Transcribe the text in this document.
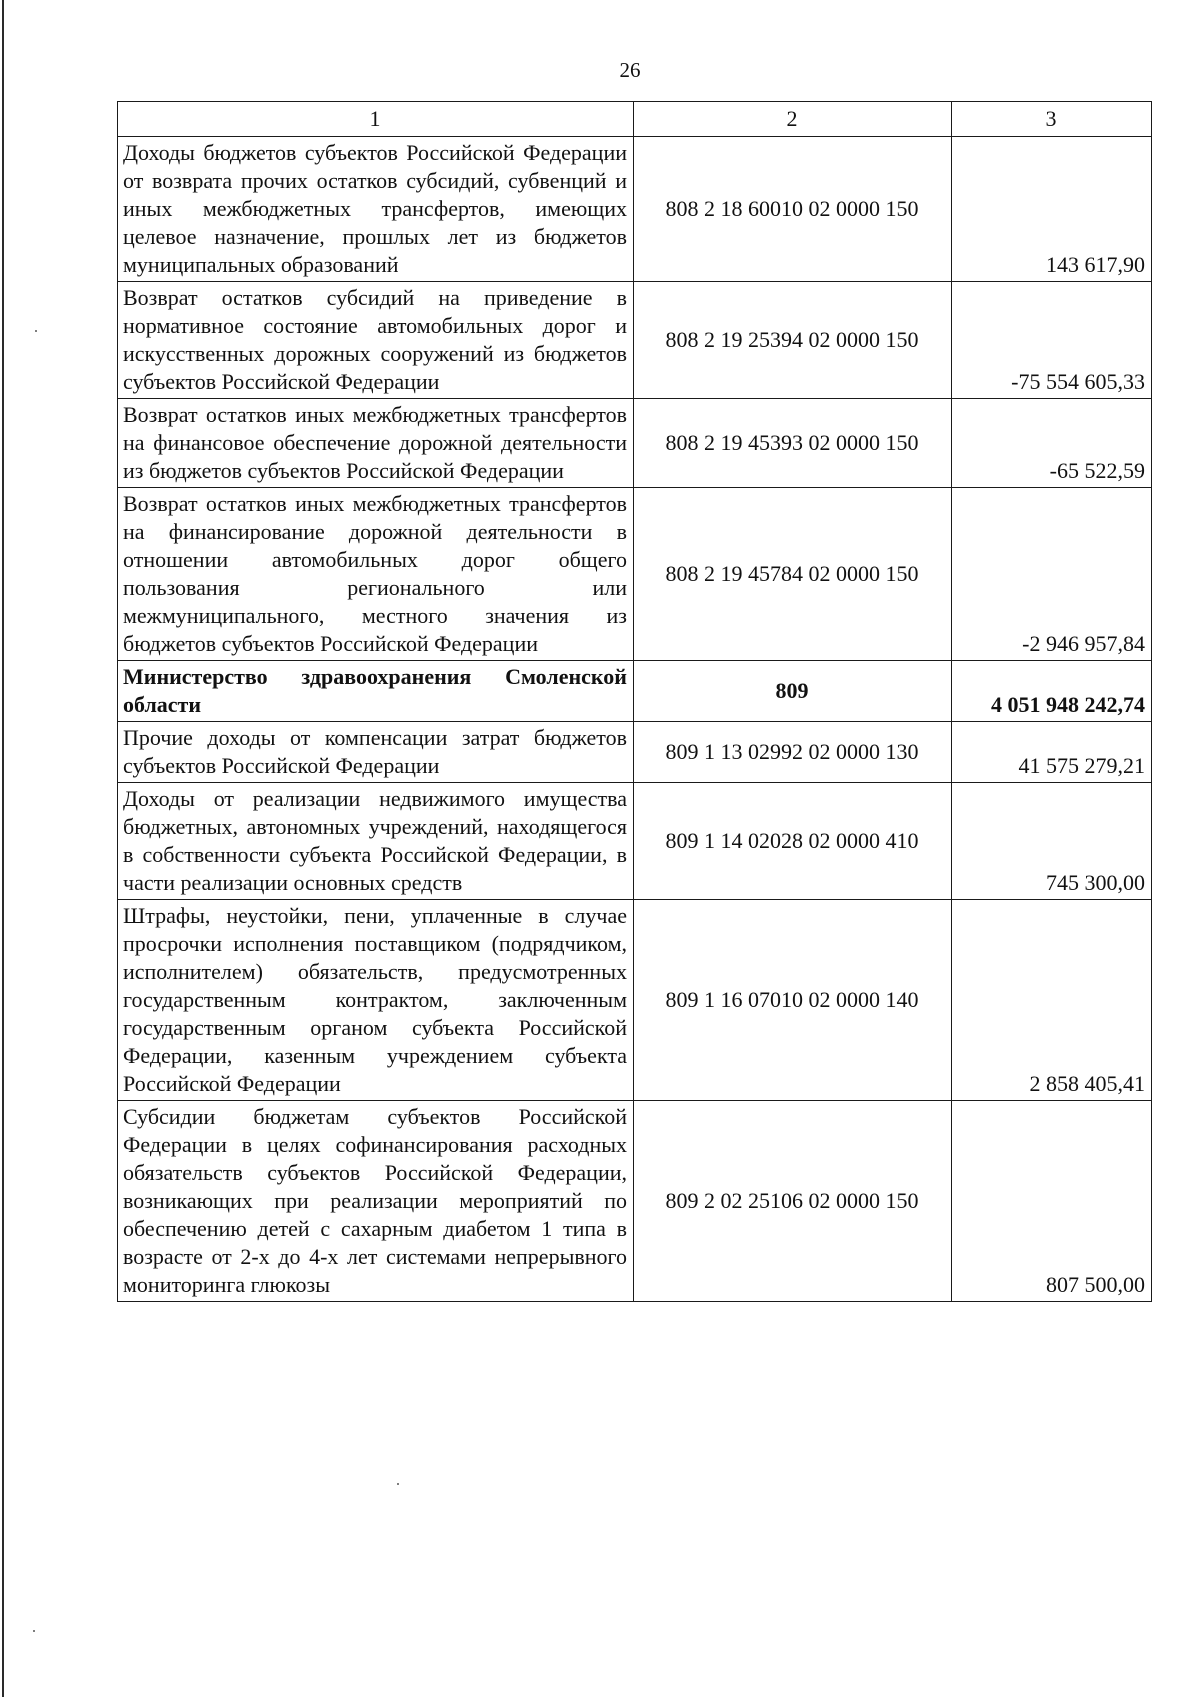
26
1	2	3
Доходы бюджетов субъектов Российской Федерации от возврата прочих остатков субсидий, субвенций и иных межбюджетных трансфертов, имеющих целевое назначение, прошлых лет из бюджетов муниципальных образований	808 2 18 60010 02 0000 150	143 617,90
Возврат остатков субсидий на приведение в нормативное состояние автомобильных дорог и искусственных дорожных сооружений из бюджетов субъектов Российской Федерации	808 2 19 25394 02 0000 150	-75 554 605,33
Возврат остатков иных межбюджетных трансфертов на финансовое обеспечение дорожной деятельности из бюджетов субъектов Российской Федерации	808 2 19 45393 02 0000 150	-65 522,59
Возврат остатков иных межбюджетных трансфертов на финансирование дорожной деятельности в отношении автомобильных дорог общего пользования регионального или межмуниципального, местного значения из бюджетов субъектов Российской Федерации	808 2 19 45784 02 0000 150	-2 946 957,84
Министерство здравоохранения Смоленской области	809	4 051 948 242,74
Прочие доходы от компенсации затрат бюджетов субъектов Российской Федерации	809 1 13 02992 02 0000 130	41 575 279,21
Доходы от реализации недвижимого имущества бюджетных, автономных учреждений, находящегося в собственности субъекта Российской Федерации, в части реализации основных средств	809 1 14 02028 02 0000 410	745 300,00
Штрафы, неустойки, пени, уплаченные в случае просрочки исполнения поставщиком (подрядчиком, исполнителем) обязательств, предусмотренных государственным контрактом, заключенным государственным органом субъекта Российской Федерации, казенным учреждением субъекта Российской Федерации	809 1 16 07010 02 0000 140	2 858 405,41
Субсидии бюджетам субъектов Российской Федерации в целях софинансирования расходных обязательств субъектов Российской Федерации, возникающих при реализации мероприятий по обеспечению детей с сахарным диабетом 1 типа в возрасте от 2-х до 4-х лет системами непрерывного мониторинга глюкозы	809 2 02 25106 02 0000 150	807 500,00
